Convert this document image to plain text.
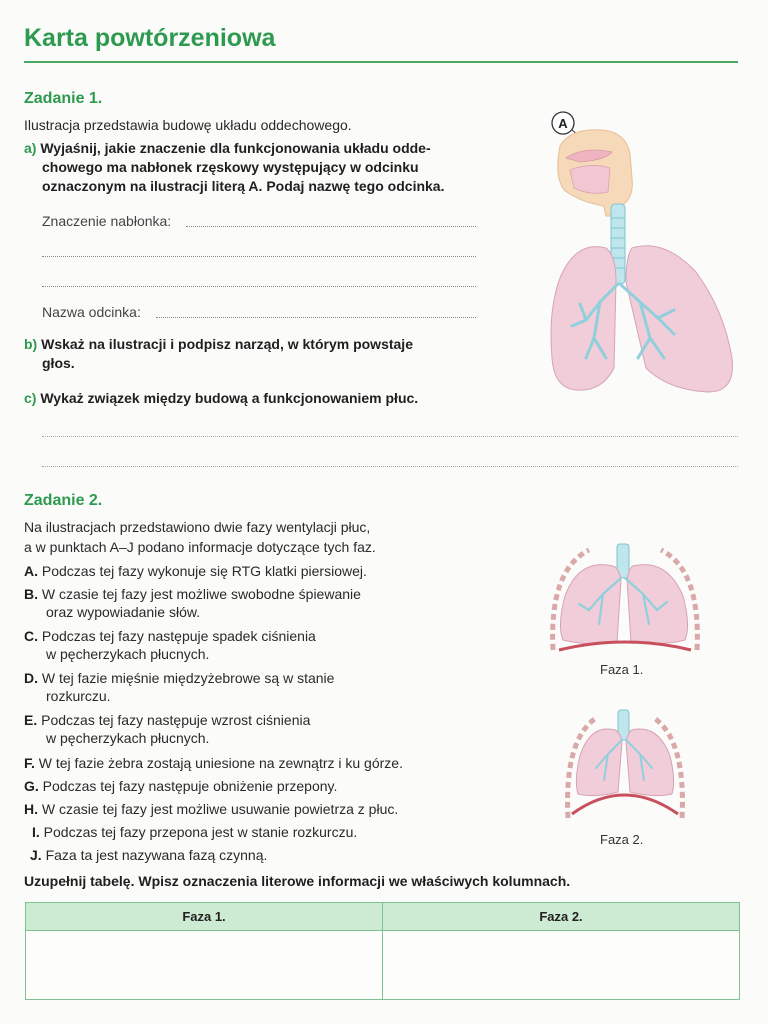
Karta powtórzeniowa
Zadanie 1.
Ilustracja przedstawia budowę układu oddechowego.
a) Wyjaśnij, jakie znaczenie dla funkcjonowania układu odde-
chowego ma nabłonek rzęskowy występujący w odcinku
oznaczonym na ilustracji literą A. Podaj nazwę tego odcinka.
Znaczenie nabłonka:
Nazwa odcinka:
b) Wskaż na ilustracji i podpisz narząd, w którym powstaje
głos.
c) Wykaż związek między budową a funkcjonowaniem płuc.
A
Zadanie 2.
Na ilustracjach przedstawiono dwie fazy wentylacji płuc,
a w punktach A–J podano informacje dotyczące tych faz.
A. Podczas tej fazy wykonuje się RTG klatki piersiowej.
B. W czasie tej fazy jest możliwe swobodne śpiewanie
oraz wypowiadanie słów.
C. Podczas tej fazy następuje spadek ciśnienia
w pęcherzykach płucnych.
D. W tej fazie mięśnie międzyżebrowe są w stanie
rozkurczu.
E. Podczas tej fazy następuje wzrost ciśnienia
w pęcherzykach płucnych.
F. W tej fazie żebra zostają uniesione na zewnątrz i ku górze.
G. Podczas tej fazy następuje obniżenie przepony.
H. W czasie tej fazy jest możliwe usuwanie powietrza z płuc.
I. Podczas tej fazy przepona jest w stanie rozkurczu.
J. Faza ta jest nazywana fazą czynną.
Uzupełnij tabelę. Wpisz oznaczenia literowe informacji we właściwych kolumnach.
Faza 1.
Faza 2.
Faza 1.	Faza 2.
